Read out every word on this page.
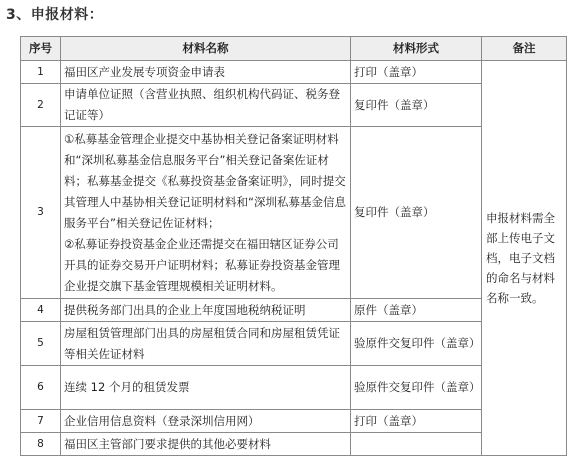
3、申报材料：
序号	材料名称	材料形式	备注
1	福田区产业发展专项资金申请表	打印（盖章）	申报材料需全部上传电子文档，电子文档的命名与材料名称一致。
2	申请单位证照（含营业执照、组织机构代码证、税务登记证等）	复印件（盖章）	
3	①私募基金管理企业提交中基协相关登记备案证明材料和“深圳私募基金信息服务平台”相关登记备案佐证材料；私募基金提交《私募投资基金备案证明》，同时提交其管理人中基协相关登记证明材料和“深圳私募基金信息服务平台”相关登记佐证材料；
②私募证券投资基金企业还需提交在福田辖区证券公司开具的证券交易开户证明材料；私募证券投资基金管理企业提交旗下基金管理规模相关证明材料。	复印件（盖章）	
4	提供税务部门出具的企业上年度国地税纳税证明	原件（盖章）	
5	房屋租赁管理部门出具的房屋租赁合同和房屋租赁凭证等相关佐证材料	验原件交复印件（盖章）	
6	连续 12 个月的租赁发票	验原件交复印件（盖章）	
7	企业信用信息资料（登录深圳信用网）	打印（盖章）	
8	福田区主管部门要求提供的其他必要材料		
